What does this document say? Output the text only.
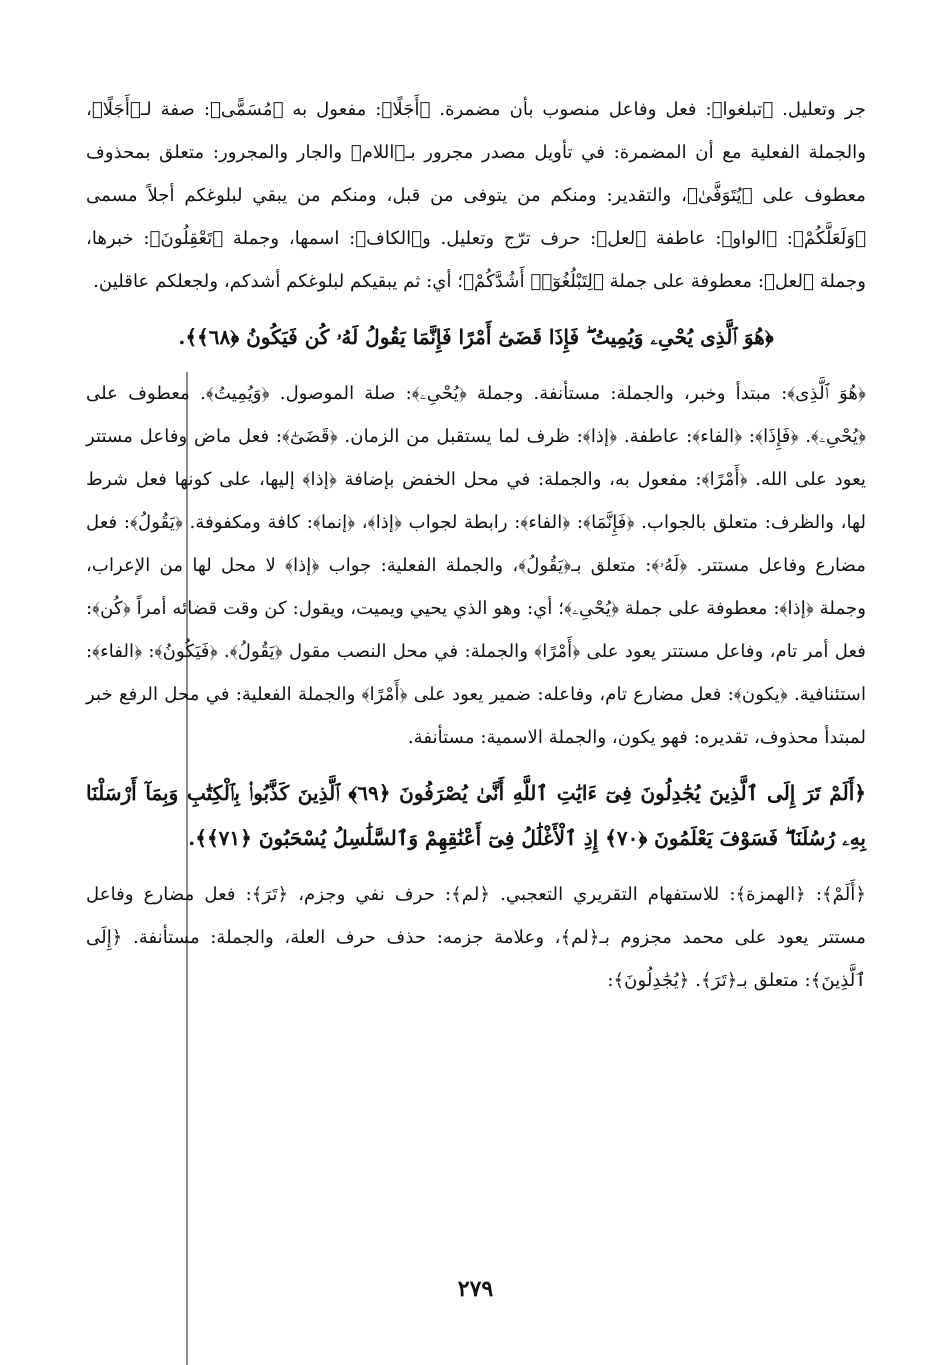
جر وتعليل. ﴿تبلغوا﴾: فعل وفاعل منصوب بأن مضمرة. ﴿أَجَلًا﴾: مفعول به ﴿مُسَمًّى﴾: صفة لـ﴿أَجَلًا﴾، والجملة الفعلية مع أن المضمرة: في تأويل مصدر مجرور بـ﴿اللام﴾ والجار والمجرور: متعلق بمحذوف معطوف على ﴿يُتَوَفَّىٰ﴾، والتقدير: ومنكم من يتوفى من قبل، ومنكم من يبقي لبلوغكم أجلاً مسمى ﴿وَلَعَلَّكُمْ﴾: ﴿الواو﴾: عاطفة ﴿لعل﴾: حرف ترّج وتعليل. و﴿الكاف﴾: اسمها، وجملة ﴿تَعْقِلُونَ﴾: خبرها، وجملة ﴿لعل﴾: معطوفة على جملة ﴿لِتَبْلُغُوٓا۟ أَشُدَّكُمْ﴾؛ أي: ثم يبقيكم لبلوغكم أشدكم، ولجعلكم عاقلين.

﴿هُوَ ٱلَّذِى يُحْىِۦ وَيُمِيتُ ۖ فَإِذَا قَضَىٰٓ أَمْرًا فَإِنَّمَا يَقُولُ لَهُۥ كُن فَيَكُونُ ﴿٦٨﴾﴾.

﴿هُوَ ٱلَّذِى﴾: مبتدأ وخبر، والجملة: مستأنفة. وجملة ﴿يُحْىِۦ﴾: صلة الموصول. ﴿وَيُمِيتُ﴾. معطوف على ﴿يُحْىِۦ﴾. ﴿فَإِذَا﴾: ﴿الفاء﴾: عاطفة. ﴿إذا﴾: ظرف لما يستقبل من الزمان. ﴿قَضَىٰٓ﴾: فعل ماض وفاعل مستتر يعود على الله. ﴿أَمْرًا﴾: مفعول به، والجملة: في محل الخفض بإضافة ﴿إذا﴾ إليها، على كونها فعل شرط لها، والظرف: متعلق بالجواب. ﴿فَإِنَّمَا﴾: ﴿الفاء﴾: رابطة لجواب ﴿إذا﴾، ﴿إنما﴾: كافة ومكفوفة. ﴿يَقُولُ﴾: فعل مضارع وفاعل مستتر. ﴿لَهُۥ﴾: متعلق بـ﴿يَقُولُ﴾، والجملة الفعلية: جواب ﴿إذا﴾ لا محل لها من الإعراب، وجملة ﴿إذا﴾: معطوفة على جملة ﴿يُحْىِۦ﴾؛ أي: وهو الذي يحيي ويميت، ويقول: كن وقت قضائه أمراً ﴿كُن﴾: فعل أمر تام، وفاعل مستتر يعود على ﴿أَمْرًا﴾ والجملة: في محل النصب مقول ﴿يَقُولُ﴾. ﴿فَيَكُونُ﴾: ﴿الفاء﴾: استئنافية. ﴿يكون﴾: فعل مضارع تام، وفاعله: ضمير يعود على ﴿أَمْرًا﴾ والجملة الفعلية: في محل الرفع خبر لمبتدأ محذوف، تقديره: فهو يكون، والجملة الاسمية: مستأنفة.

﴿أَلَمْ تَرَ إِلَى ٱلَّذِينَ يُجَٰدِلُونَ فِىٓ ءَايَٰتِ ٱللَّهِ أَنَّىٰ يُصْرَفُونَ ﴿٦٩﴾ ٱلَّذِينَ كَذَّبُوا۟ بِٱلْكِتَٰبِ وَبِمَآ أَرْسَلْنَا بِهِۦ رُسُلَنَا ۖ فَسَوْفَ يَعْلَمُونَ ﴿٧٠﴾ إِذِ ٱلْأَغْلَٰلُ فِىٓ أَعْنَٰقِهِمْ وَٱلسَّلَٰسِلُ يُسْحَبُونَ ﴿٧١﴾﴾.

﴿أَلَمْ﴾: ﴿الهمزة﴾: للاستفهام التقريري التعجبي. ﴿لم﴾: حرف نفي وجزم، ﴿تَرَ﴾: فعل مضارع وفاعل مستتر يعود على محمد مجزوم بـ﴿لم﴾، وعلامة جزمه: حذف حرف العلة، والجملة: مستأنفة. ﴿إِلَى ٱلَّذِينَ﴾: متعلق بـ﴿تَرَ﴾. ﴿يُجَٰدِلُونَ﴾:

٢٧٩
